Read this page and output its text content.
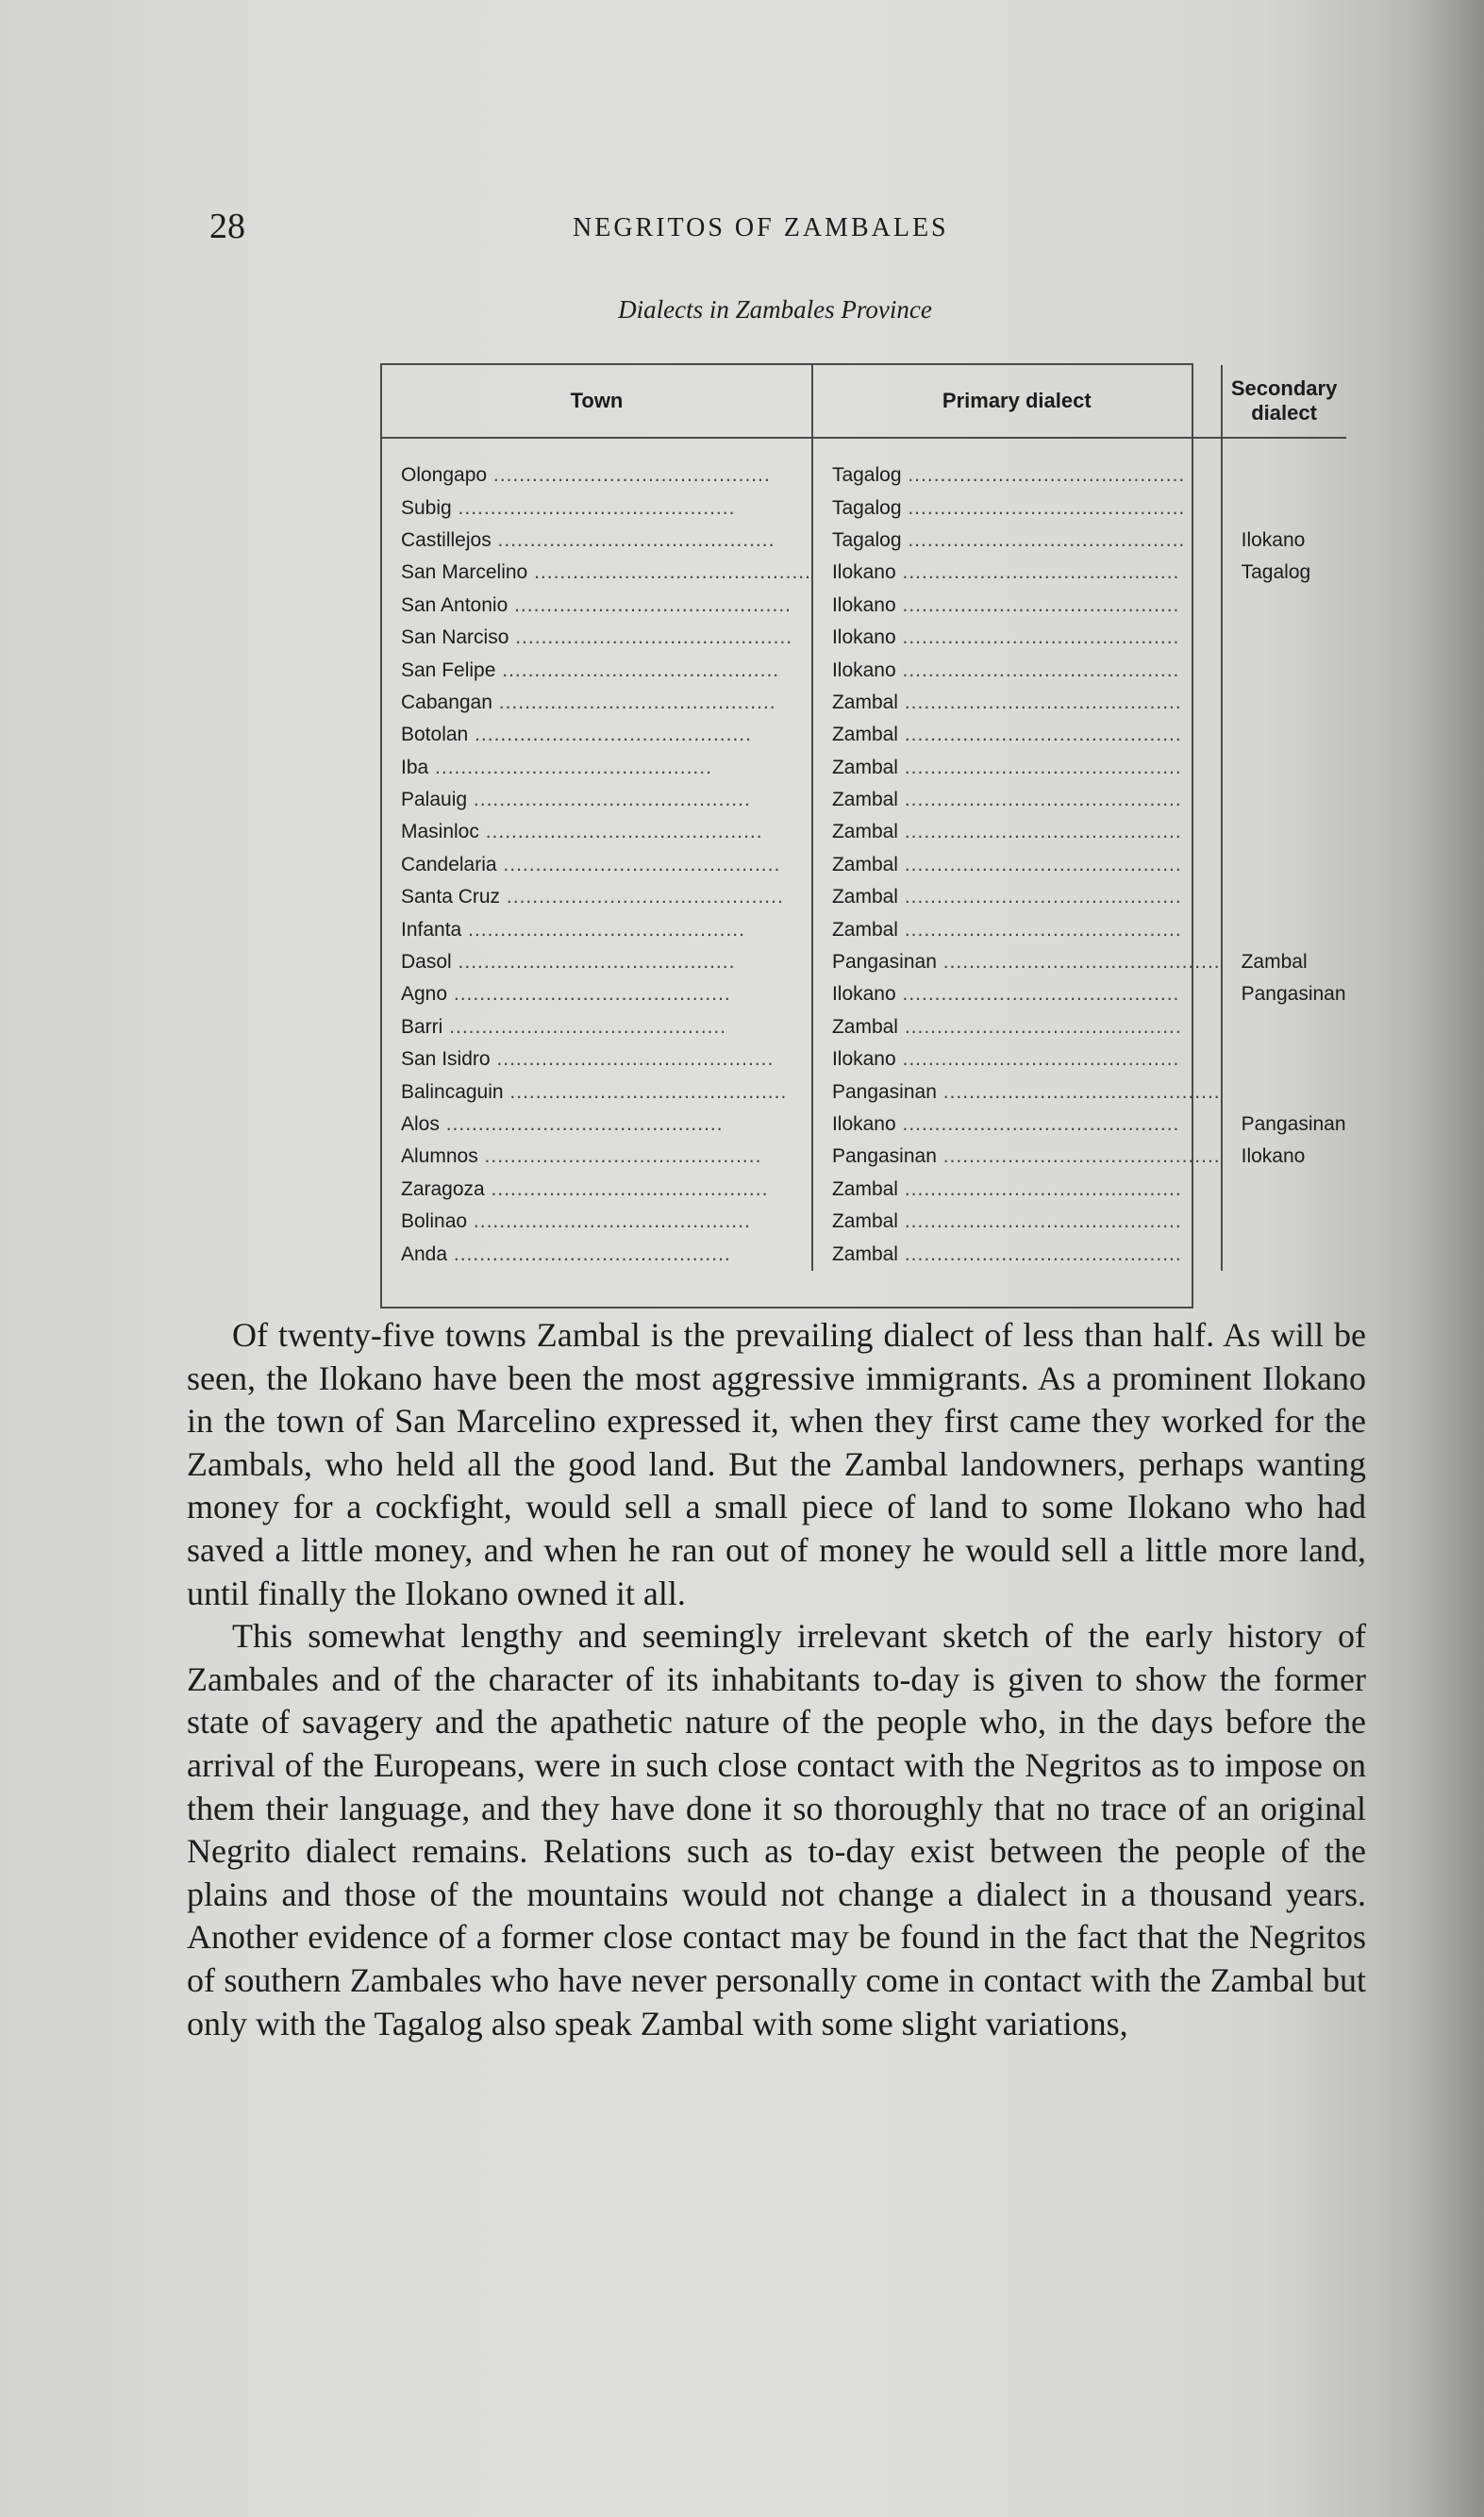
28	NEGRITOS OF ZAMBALES
Dialects in Zambales Province
Town	Primary dialect	Secondary dialect

Olongapo .....	Tagalog .....

Subig .....	Tagalog .....

Castillejos .....	Tagalog .....	Ilokano

San Marcelino .....	Ilokano .....	Tagalog

San Antonio .....	Ilokano .....

San Narciso .....	Ilokano .....

San Felipe .....	Ilokano .....

Cabangan .....	Zambal .....

Botolan .....	Zambal .....

Iba .....	Zambal .....

Palauig .....	Zambal .....

Masinloc .....	Zambal .....

Candelaria .....	Zambal .....

Santa Cruz .....	Zambal .....

Infanta .....	Zambal .....

Dasol .....	Pangasinan .....	Zambal

Agno .....	Ilokano .....	Pangasinan

Barri .....	Zambal .....

San Isidro .....	Ilokano .....

Balincaguin .....	Pangasinan .....

Alos .....	Ilokano .....	Pangasinan

Alumnos .....	Pangasinan .....	Ilokano

Zaragoza .....	Zambal .....

Bolinao .....	Zambal .....

Anda .....	Zambal .....

Of twenty-five towns Zambal is the prevailing dialect of less than half. As will be seen, the Ilokano have been the most aggressive immigrants. As a prominent Ilokano in the town of San Marcelino expressed it, when they first came they worked for the Zambals, who held all the good land. But the Zambal landowners, perhaps wanting money for a cockfight, would sell a small piece of land to some Ilokano who had saved a little money, and when he ran out of money he would sell a little more land, until finally the Ilokano owned it all.

This somewhat lengthy and seemingly irrelevant sketch of the early history of Zambales and of the character of its inhabitants to-day is given to show the former state of savagery and the apathetic nature of the people who, in the days before the arrival of the Europeans, were in such close contact with the Negritos as to impose on them their language, and they have done it so thoroughly that no trace of an original Negrito dialect remains. Relations such as to-day exist between the people of the plains and those of the mountains would not change a dialect in a thousand years. Another evidence of a former close contact may be found in the fact that the Negritos of southern Zambales who have never personally come in contact with the Zambal but only with the Tagalog also speak Zambal with some slight variations,
